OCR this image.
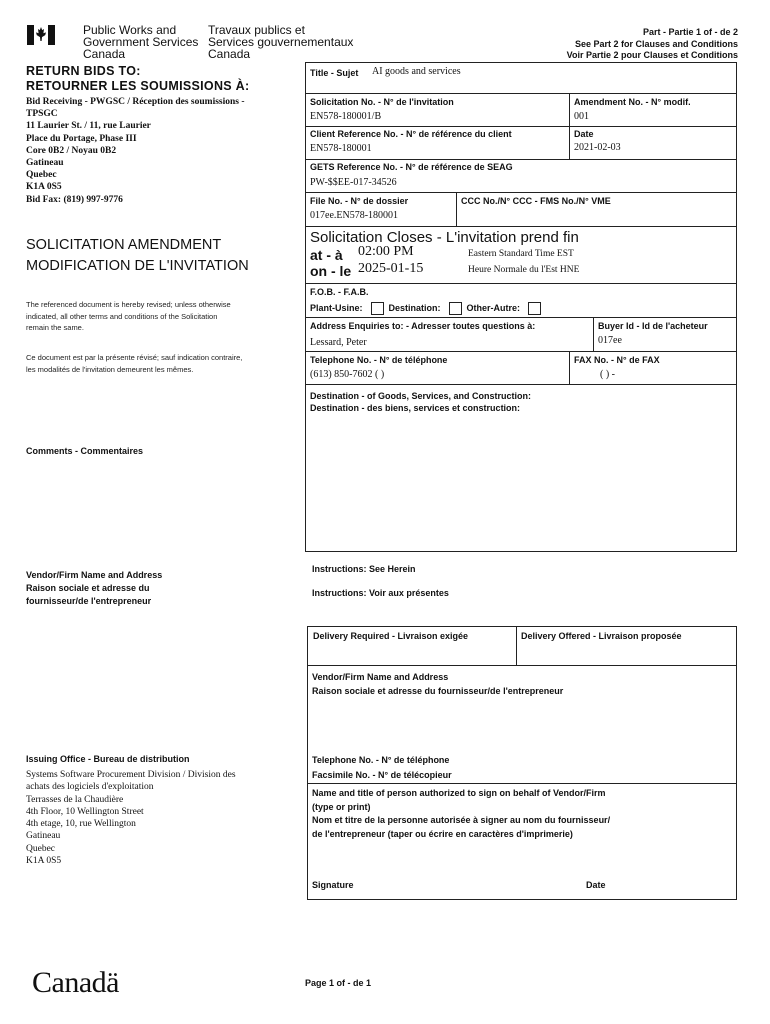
Public Works and
Government Services
Canada
Travaux publics et
Services gouvernementaux
Canada
Part - Partie 1 of - de 2
See Part 2 for Clauses and Conditions
Voir Partie 2 pour Clauses et Conditions
RETURN BIDS TO:
RETOURNER LES SOUMISSIONS À:
Bid Receiving - PWGSC / Réception des soumissions -
TPSGC
11 Laurier St. / 11, rue Laurier
Place du Portage, Phase III
Core 0B2 / Noyau 0B2
Gatineau
Quebec
K1A 0S5
Bid Fax: (819) 997-9776
SOLICITATION AMENDMENT
MODIFICATION DE L'INVITATION
The referenced document is hereby revised; unless otherwise
indicated, all other terms and conditions of the Solicitation
remain the same.
Ce document est par la présente révisé; sauf indication contraire,
les modalités de l'invitation demeurent les mêmes.
Comments - Commentaires
Vendor/Firm Name and Address
Raison sociale et adresse du
fournisseur/de l'entrepreneur
Issuing Office - Bureau de distribution
Systems Software Procurement Division / Division des
achats des logiciels d'exploitation
Terrasses de la Chaudière
4th Floor, 10 Wellington Street
4th etage, 10, rue Wellington
Gatineau
Quebec
K1A 0S5
Title - Sujet AI goods and services
Solicitation No. - N° de l'invitation
EN578-180001/B
Amendment No. - N° modif.
001
Client Reference No. - N° de référence du client
EN578-180001
Date
2021-02-03
GETS Reference No. - N° de référence de SEAG
PW-$$EE-017-34526
File No. - N° de dossier
017ee.EN578-180001
CCC No./N° CCC - FMS No./N° VME
Solicitation Closes - L'invitation prend fin
at - à 02:00 PM	Eastern Standard Time EST
on - le 2025-01-15	Heure Normale du l'Est HNE
F.O.B. - F.A.B.
Plant-Usine:	Destination:	Other-Autre:
Address Enquiries to: - Adresser toutes questions à:
Lessard, Peter
Buyer Id - Id de l'acheteur
017ee
Telephone No. - N° de téléphone
(613) 850-7602 ( )
FAX No. - N° de FAX
( ) -
Destination - of Goods, Services, and Construction:
Destination - des biens, services et construction:
Instructions: See Herein
Instructions: Voir aux présentes
Delivery Required - Livraison exigée	Delivery Offered - Livraison proposée
Vendor/Firm Name and Address
Raison sociale et adresse du fournisseur/de l'entrepreneur
Telephone No. - N° de téléphone
Facsimile No. - N° de télécopieur
Name and title of person authorized to sign on behalf of Vendor/Firm
(type or print)
Nom et titre de la personne autorisée à signer au nom du fournisseur/
de l'entrepreneur (taper ou écrire en caractères d'imprimerie)
Signature	Date
Canadä	Page 1 of - de 1
